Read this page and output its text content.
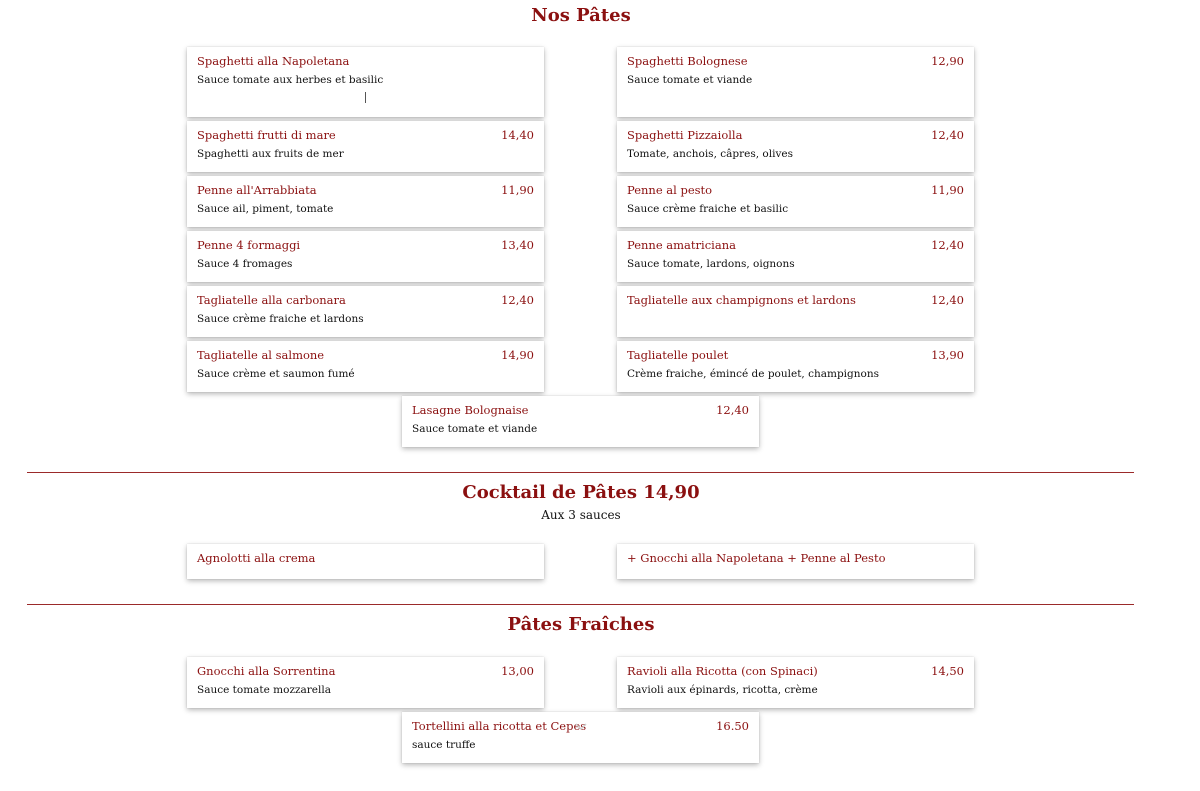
Nos Pâtes
Spaghetti alla Napoletana
Sauce tomate aux herbes et basilic
Spaghetti Bolognese	12,90
Sauce tomate et viande
Spaghetti frutti di mare	14,40
Spaghetti aux fruits de mer
Spaghetti Pizzaiolla	12,40
Tomate, anchois, câpres, olives
Penne all'Arrabbiata	11,90
Sauce ail, piment, tomate
Penne al pesto	11,90
Sauce crème fraiche et basilic
Penne 4 formaggi	13,40
Sauce 4 fromages
Penne amatriciana	12,40
Sauce tomate, lardons, oignons
Tagliatelle alla carbonara	12,40
Sauce crème fraiche et lardons
Tagliatelle aux champignons et lardons	12,40
Tagliatelle al salmone	14,90
Sauce crème et saumon fumé
Tagliatelle poulet	13,90
Crème fraiche, émincé de poulet, champignons
Lasagne Bolognaise	12,40
Sauce tomate et viande
Cocktail de Pâtes 14,90
Aux 3 sauces
Agnolotti alla crema	+ Gnocchi alla Napoletana + Penne al Pesto
Pâtes Fraîches
Gnocchi alla Sorrentina	13,00
Sauce tomate mozzarella
Ravioli alla Ricotta (con Spinaci)	14,50
Ravioli aux épinards, ricotta, crème
Tortellini alla ricotta et Cepes	16.50
sauce truffe
